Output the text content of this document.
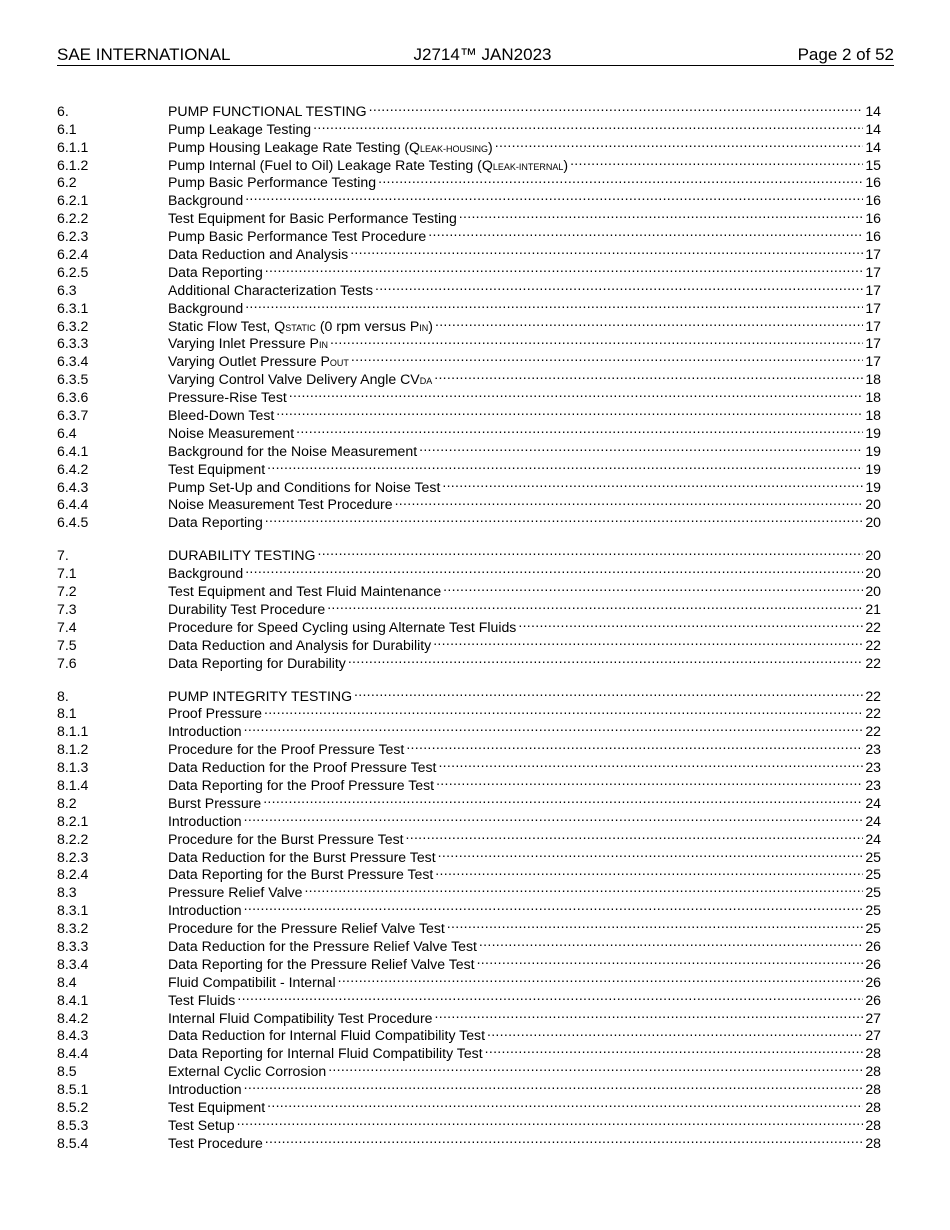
SAE INTERNATIONAL	J2714™ JAN2023	Page 2 of 52
6.	PUMP FUNCTIONAL TESTING .....	14
6.1	Pump Leakage Testing .....	14
6.1.1	Pump Housing Leakage Rate Testing (QLEAK-HOUSING) .....	14
6.1.2	Pump Internal (Fuel to Oil) Leakage Rate Testing (QLEAK-INTERNAL) .....	15
6.2	Pump Basic Performance Testing .....	16
6.2.1	Background .....	16
6.2.2	Test Equipment for Basic Performance Testing .....	16
6.2.3	Pump Basic Performance Test Procedure .....	16
6.2.4	Data Reduction and Analysis .....	17
6.2.5	Data Reporting .....	17
6.3	Additional Characterization Tests .....	17
6.3.1	Background .....	17
6.3.2	Static Flow Test, QSTATIC (0 rpm versus PIN) .....	17
6.3.3	Varying Inlet Pressure PIN .....	17
6.3.4	Varying Outlet Pressure POUT .....	17
6.3.5	Varying Control Valve Delivery Angle CVDA .....	18
6.3.6	Pressure-Rise Test .....	18
6.3.7	Bleed-Down Test .....	18
6.4	Noise Measurement .....	19
6.4.1	Background for the Noise Measurement .....	19
6.4.2	Test Equipment .....	19
6.4.3	Pump Set-Up and Conditions for Noise Test .....	19
6.4.4	Noise Measurement Test Procedure .....	20
6.4.5	Data Reporting .....	20
7.	DURABILITY TESTING .....	20
7.1	Background .....	20
7.2	Test Equipment and Test Fluid Maintenance .....	20
7.3	Durability Test Procedure .....	21
7.4	Procedure for Speed Cycling using Alternate Test Fluids .....	22
7.5	Data Reduction and Analysis for Durability .....	22
7.6	Data Reporting for Durability .....	22
8.	PUMP INTEGRITY TESTING .....	22
8.1	Proof Pressure .....	22
8.1.1	Introduction .....	22
8.1.2	Procedure for the Proof Pressure Test .....	23
8.1.3	Data Reduction for the Proof Pressure Test .....	23
8.1.4	Data Reporting for the Proof Pressure Test .....	23
8.2	Burst Pressure .....	24
8.2.1	Introduction .....	24
8.2.2	Procedure for the Burst Pressure Test .....	24
8.2.3	Data Reduction for the Burst Pressure Test .....	25
8.2.4	Data Reporting for the Burst Pressure Test .....	25
8.3	Pressure Relief Valve .....	25
8.3.1	Introduction .....	25
8.3.2	Procedure for the Pressure Relief Valve Test .....	25
8.3.3	Data Reduction for the Pressure Relief Valve Test .....	26
8.3.4	Data Reporting for the Pressure Relief Valve Test .....	26
8.4	Fluid Compatibilit - Internal .....	26
8.4.1	Test Fluids .....	26
8.4.2	Internal Fluid Compatibility Test Procedure .....	27
8.4.3	Data Reduction for Internal Fluid Compatibility Test .....	27
8.4.4	Data Reporting for Internal Fluid Compatibility Test .....	28
8.5	External Cyclic Corrosion .....	28
8.5.1	Introduction .....	28
8.5.2	Test Equipment .....	28
8.5.3	Test Setup .....	28
8.5.4	Test Procedure .....	28
